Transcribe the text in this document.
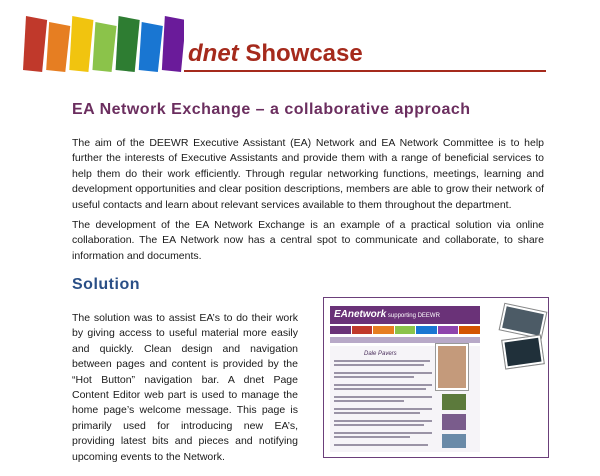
dnet Showcase
EA Network Exchange – a collaborative approach

The aim of the DEEWR Executive Assistant (EA) Network and EA Network Committee is to help further the interests of Executive Assistants and provide them with a range of beneficial services to help them do their work efficiently. Through regular networking functions, meetings, learning and development opportunities and clear position descriptions, members are able to grow their network of useful contacts and learn about relevant services available to them throughout the department.

The development of the EA Network Exchange is an example of a practical solution via online collaboration. The EA Network now has a central spot to communicate and collaborate, to share information and documents.

Solution

The solution was to assist EA’s to do their work by giving access to useful material more easily and quickly. Clean design and navigation between pages and content is provided by the “Hot Button” navigation bar. A dnet Page Content Editor web part is used to manage the home page’s welcome message. This page is primarily used for introducing new EA’s, providing latest bits and pieces and notifying upcoming events to the Network.

EAnetwork supporting DEEWR
Dale Pavers
